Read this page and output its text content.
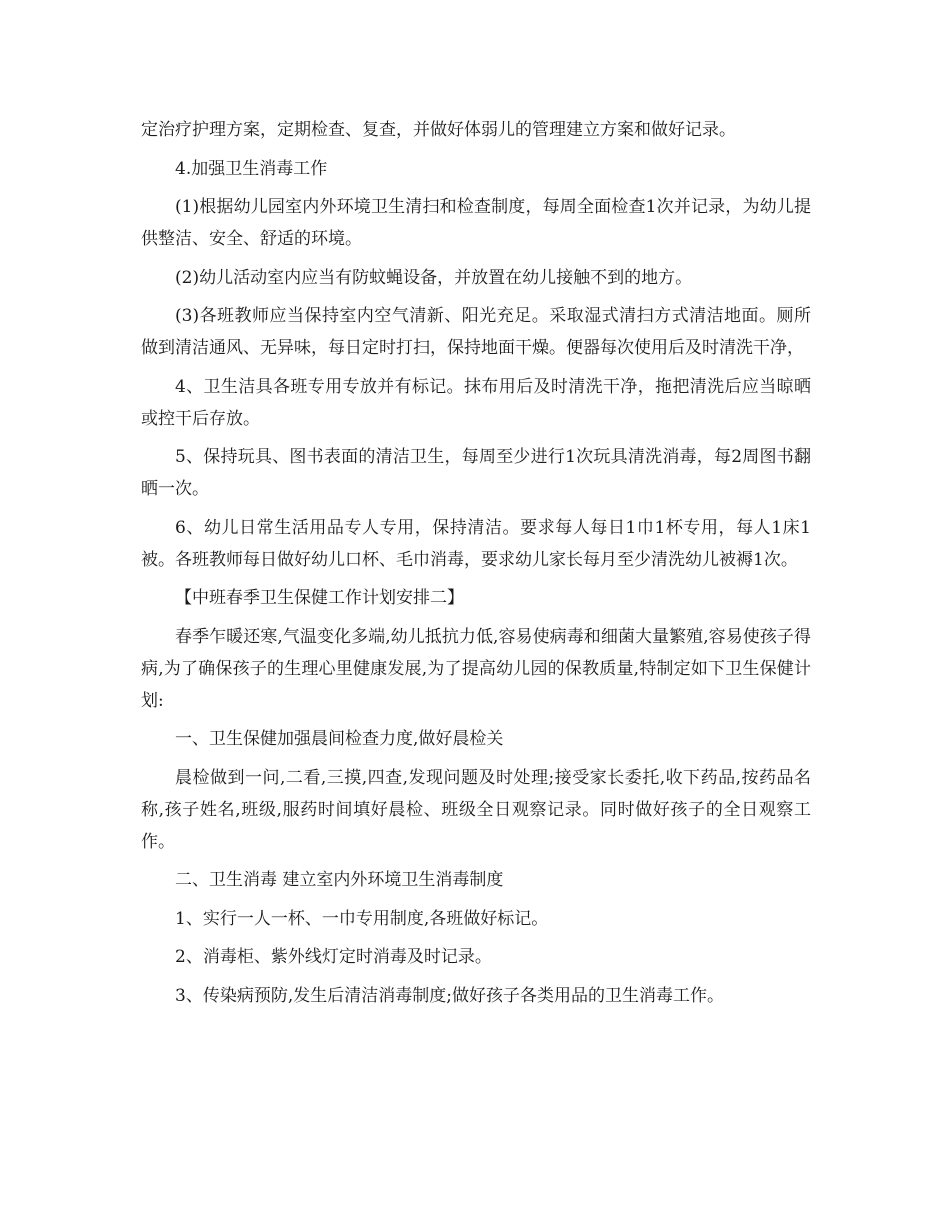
定治疗护理方案，定期检查、复查，并做好体弱儿的管理建立方案和做好记录。

4.加强卫生消毒工作

(1)根据幼儿园室内外环境卫生清扫和检查制度，每周全面检查1次并记录，为幼儿提供整洁、安全、舒适的环境。

(2)幼儿活动室内应当有防蚊蝇设备，并放置在幼儿接触不到的地方。

(3)各班教师应当保持室内空气清新、阳光充足。采取湿式清扫方式清洁地面。厕所做到清洁通风、无异味，每日定时打扫，保持地面干燥。便器每次使用后及时清洗干净，

4、卫生洁具各班专用专放并有标记。抹布用后及时清洗干净，拖把清洗后应当晾晒或控干后存放。

5、保持玩具、图书表面的清洁卫生，每周至少进行1次玩具清洗消毒，每2周图书翻晒一次。

6、幼儿日常生活用品专人专用，保持清洁。要求每人每日1巾1杯专用，每人1床1被。各班教师每日做好幼儿口杯、毛巾消毒，要求幼儿家长每月至少清洗幼儿被褥1次。

【中班春季卫生保健工作计划安排二】

春季乍暖还寒,气温变化多端,幼儿抵抗力低,容易使病毒和细菌大量繁殖,容易使孩子得病,为了确保孩子的生理心里健康发展,为了提高幼儿园的保教质量,特制定如下卫生保健计划:

一、卫生保健加强晨间检查力度,做好晨检关

晨检做到一问,二看,三摸,四查,发现问题及时处理;接受家长委托,收下药品,按药品名称,孩子姓名,班级,服药时间填好晨检、班级全日观察记录。同时做好孩子的全日观察工作。

二、卫生消毒 建立室内外环境卫生消毒制度

1、实行一人一杯、一巾专用制度,各班做好标记。

2、消毒柜、紫外线灯定时消毒及时记录。

3、传染病预防,发生后清洁消毒制度;做好孩子各类用品的卫生消毒工作。
